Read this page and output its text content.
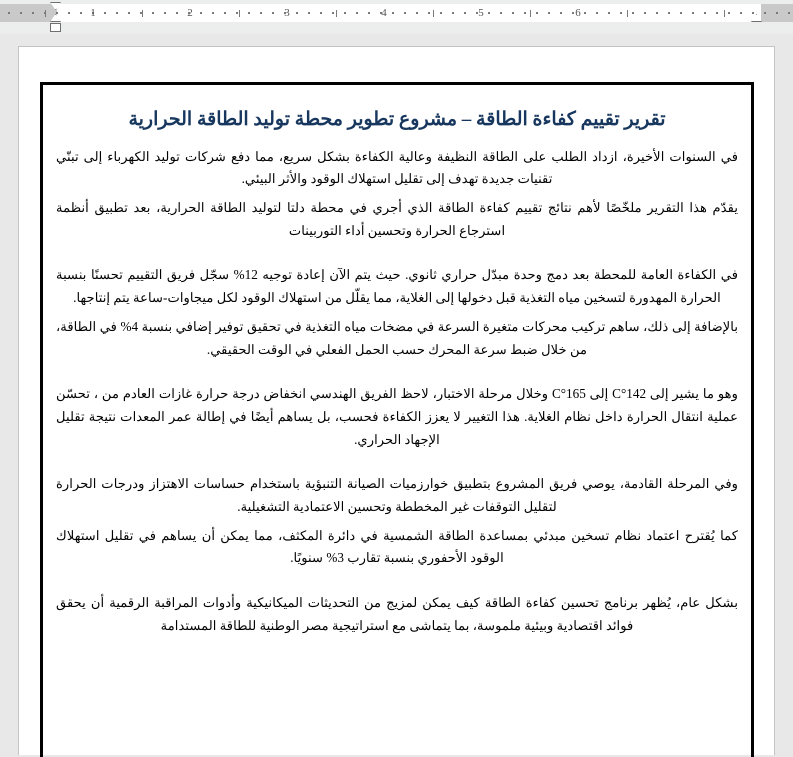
1	2	3	4	5	6
تقرير تقييم كفاءة الطاقة – مشروع تطوير محطة توليد الطاقة الحرارية

في السنوات الأخيرة، ازداد الطلب على الطاقة النظيفة وعالية الكفاءة بشكل سريع، مما دفع شركات توليد الكهرباء إلى تبنّي تقنيات جديدة تهدف إلى تقليل استهلاك الوقود والأثر البيئي.

يقدّم هذا التقرير ملخّصًا لأهم نتائج تقييم كفاءة الطاقة الذي أجري في محطة دلتا لتوليد الطاقة الحرارية، بعد تطبيق أنظمة استرجاع الحرارة وتحسين أداء التوربينات

في الكفاءة العامة للمحطة بعد دمج وحدة مبدّل حراري ثانوي. حيث يتم الآن إعادة توجيه 12% سجّل فريق التقييم تحسنًا بنسبة الحرارة المهدورة لتسخين مياه التغذية قبل دخولها إلى الغلاية، مما يقلّل من استهلاك الوقود لكل ميجاوات-ساعة يتم إنتاجها.

بالإضافة إلى ذلك، ساهم تركيب محركات متغيرة السرعة في مضخات مياه التغذية في تحقيق توفير إضافي بنسبة 4% في الطاقة، من خلال ضبط سرعة المحرك حسب الحمل الفعلي في الوقت الحقيقي.

وهو ما يشير إلى 142°C إلى 165°C وخلال مرحلة الاختبار، لاحظ الفريق الهندسي انخفاض درجة حرارة غازات العادم من ، تحسّن عملية انتقال الحرارة داخل نظام الغلاية. هذا التغيير لا يعزز الكفاءة فحسب، بل يساهم أيضًا في إطالة عمر المعدات نتيجة تقليل الإجهاد الحراري.

وفي المرحلة القادمة، يوصي فريق المشروع بتطبيق خوارزميات الصيانة التنبؤية باستخدام حساسات الاهتزاز ودرجات الحرارة لتقليل التوقفات غير المخططة وتحسين الاعتمادية التشغيلية.

كما يُقترح اعتماد نظام تسخين مبدئي بمساعدة الطاقة الشمسية في دائرة المكثف، مما يمكن أن يساهم في تقليل استهلاك الوقود الأحفوري بنسبة تقارب 3% سنويًا.

بشكل عام، يُظهر برنامج تحسين كفاءة الطاقة كيف يمكن لمزيج من التحديثات الميكانيكية وأدوات المراقبة الرقمية أن يحقق فوائد اقتصادية وبيئية ملموسة، بما يتماشى مع استراتيجية مصر الوطنية للطاقة المستدامة
